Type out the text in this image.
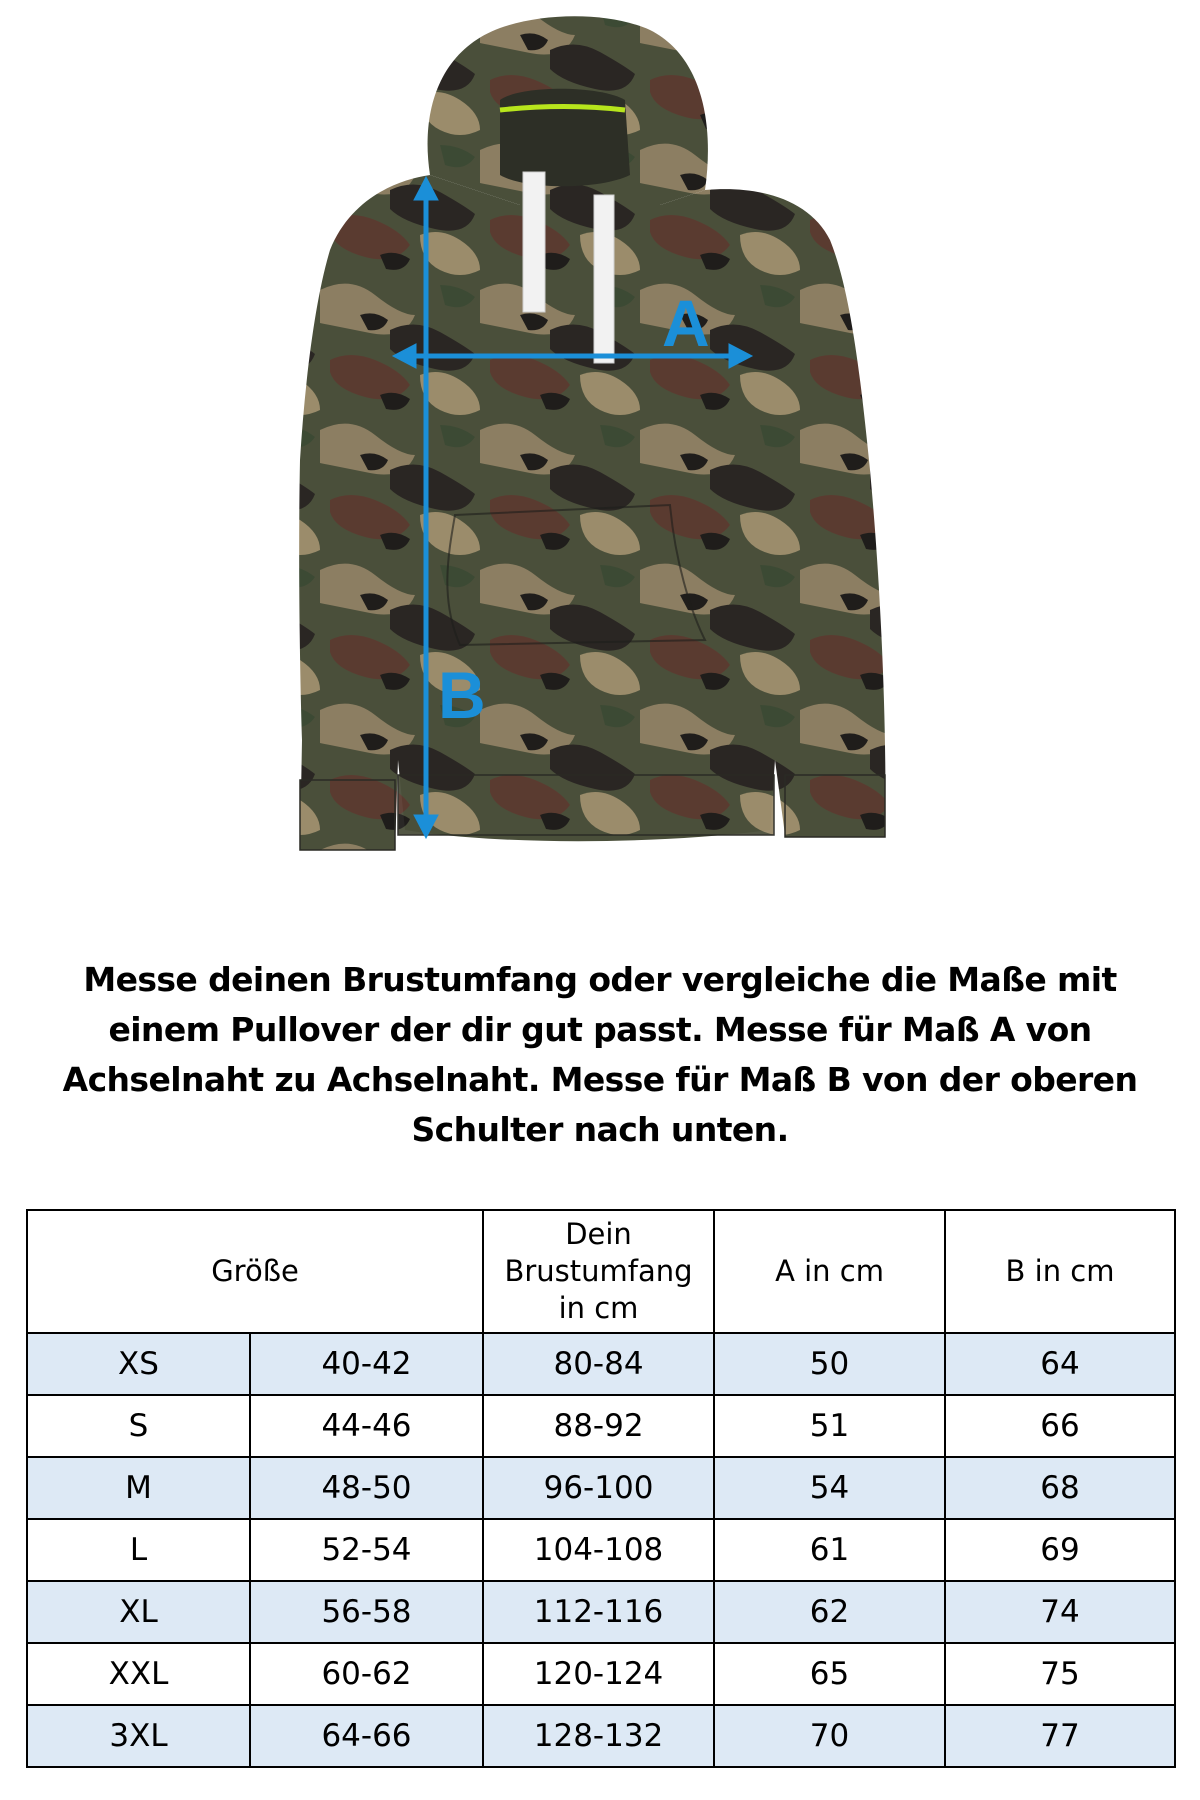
A
B

Messe deinen Brustumfang oder vergleiche die Maße mit einem Pullover der dir gut passt. Messe für Maß A von Achselnaht zu Achselnaht. Messe für Maß B von der oberen Schulter nach unten.

Größe		Dein
Brustumfang
in cm	A in cm	B in cm
XS	40-42	80-84	50	64
S	44-46	88-92	51	66
M	48-50	96-100	54	68
L	52-54	104-108	61	69
XL	56-58	112-116	62	74
XXL	60-62	120-124	65	75
3XL	64-66	128-132	70	77
